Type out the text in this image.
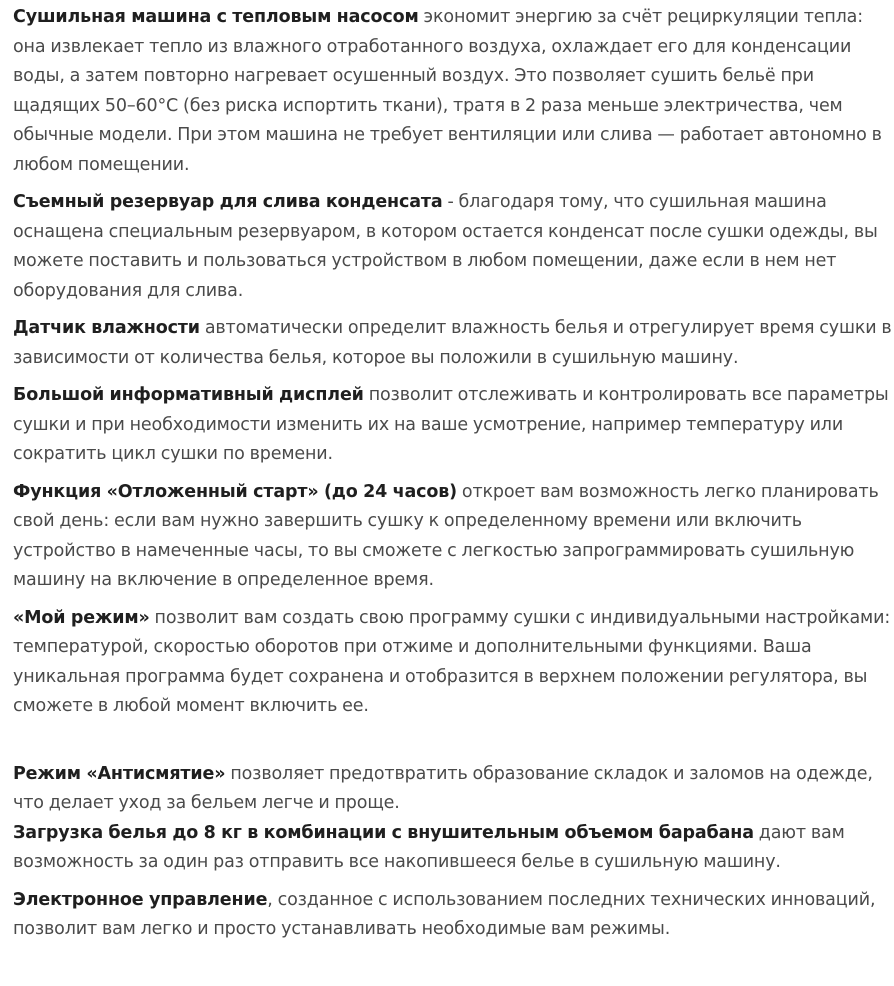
Сушильная машина с тепловым насосом экономит энергию за счёт рециркуляции тепла: она извлекает тепло из влажного отработанного воздуха, охлаждает его для конденсации воды, а затем повторно нагревает осушенный воздух. Это позволяет сушить бельё при щадящих 50–60°C (без риска испортить ткани), тратя в 2 раза меньше электричества, чем обычные модели. При этом машина не требует вентиляции или слива — работает автономно в любом помещении.

Съемный резервуар для слива конденсата - благодаря тому, что сушильная машина оснащена специальным резервуаром, в котором остается конденсат после сушки одежды, вы можете поставить и пользоваться устройством в любом помещении, даже если в нем нет оборудования для слива.

Датчик влажности автоматически определит влажность белья и отрегулирует время сушки в зависимости от количества белья, которое вы положили в сушильную машину.

Большой информативный дисплей позволит отслеживать и контролировать все параметры сушки и при необходимости изменить их на ваше усмотрение, например температуру или сократить цикл сушки по времени.

Функция «Отложенный старт» (до 24 часов) откроет вам возможность легко планировать свой день: если вам нужно завершить сушку к определенному времени или включить устройство в намеченные часы, то вы сможете с легкостью запрограммировать сушильную машину на включение в определенное время.

«Мой режим» позволит вам создать свою программу сушки с индивидуальными настройками: температурой, скоростью оборотов при отжиме и дополнительными функциями. Ваша уникальная программа будет сохранена и отобразится в верхнем положении регулятора, вы сможете в любой момент включить ее.

Режим «Антисмятие» позволяет предотвратить образование складок и заломов на одежде, что делает уход за бельем легче и проще.

Загрузка белья до 8 кг в комбинации с внушительным объемом барабана дают вам возможность за один раз отправить все накопившееся белье в сушильную машину.

Электронное управление, созданное с использованием последних технических инноваций, позволит вам легко и просто устанавливать необходимые вам режимы.
